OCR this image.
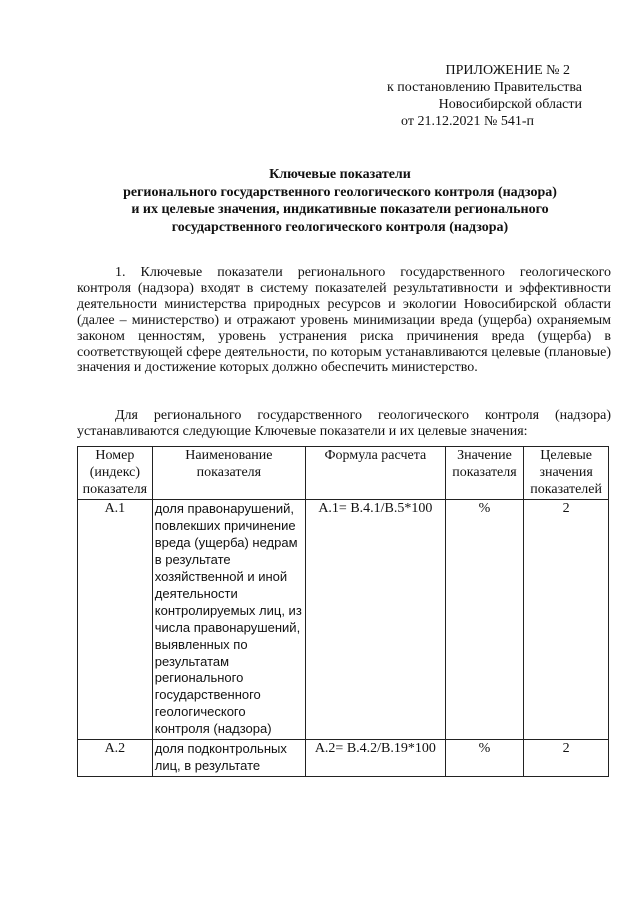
ПРИЛОЖЕНИЕ № 2
к постановлению Правительства
Новосибирской области
от 21.12.2021 № 541-п
Ключевые показатели
регионального государственного геологического контроля (надзора)
и их целевые значения, индикативные показатели регионального
государственного геологического контроля (надзора)
1. Ключевые показатели регионального государственного геологического контроля (надзора) входят в систему показателей результативности и эффективности деятельности министерства природных ресурсов и экологии Новосибирской области (далее – министерство) и отражают уровень минимизации вреда (ущерба) охраняемым законом ценностям, уровень устранения риска причинения вреда (ущерба) в соответствующей сфере деятельности, по которым устанавливаются целевые (плановые) значения и достижение которых должно обеспечить министерство.
Для регионального государственного геологического контроля (надзора) устанавливаются следующие Ключевые показатели и их целевые значения:
Номер (индекс) показателя	Наименование показателя	Формула расчета	Значение показателя	Целевые значения показателей
А.1	доля правонарушений, повлекших причинение вреда (ущерба) недрам в результате хозяйственной и иной деятельности контролируемых лиц, из числа правонарушений, выявленных по результатам регионального государственного геологического контроля (надзора)	А.1= В.4.1/В.5*100	%	2
А.2	доля подконтрольных лиц, в результате	А.2= В.4.2/В.19*100	%	2
